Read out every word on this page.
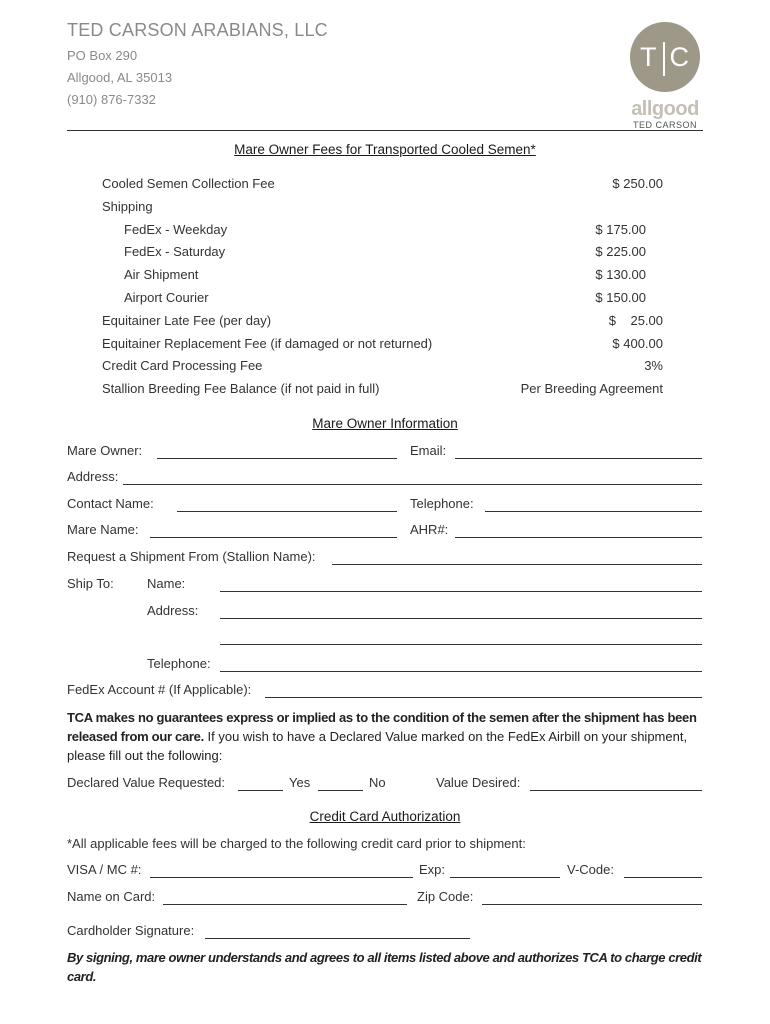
TED CARSON ARABIANS, LLC
PO Box 290
Allgood, AL 35013
(910) 876-7332
T C
allgood
TED CARSON
Mare Owner Fees for Transported Cooled Semen*
Cooled Semen Collection Fee	$ 250.00
Shipping
FedEx - Weekday	$ 175.00
FedEx - Saturday	$ 225.00
Air Shipment	$ 130.00
Airport Courier	$ 150.00
Equitainer Late Fee (per day)	$    25.00
Equitainer Replacement Fee (if damaged or not returned)	$ 400.00
Credit Card Processing Fee	3%
Stallion Breeding Fee Balance (if not paid in full)	Per Breeding Agreement
Mare Owner Information
Mare Owner:	Email:
Address:
Contact Name:	Telephone:
Mare Name:	AHR#:
Request a Shipment From (Stallion Name):
Ship To:	Name:
Address:
Telephone:
FedEx Account # (If Applicable):
TCA makes no guarantees express or implied as to the condition of the semen after the shipment has been released from our care. If you wish to have a Declared Value marked on the FedEx Airbill on your shipment, please fill out the following:
Declared Value Requested:	Yes	No	Value Desired:
Credit Card Authorization
*All applicable fees will be charged to the following credit card prior to shipment:
VISA / MC #:	Exp:	V-Code:
Name on Card:	Zip Code:
Cardholder Signature:
By signing, mare owner understands and agrees to all items listed above and authorizes TCA to charge credit card.
